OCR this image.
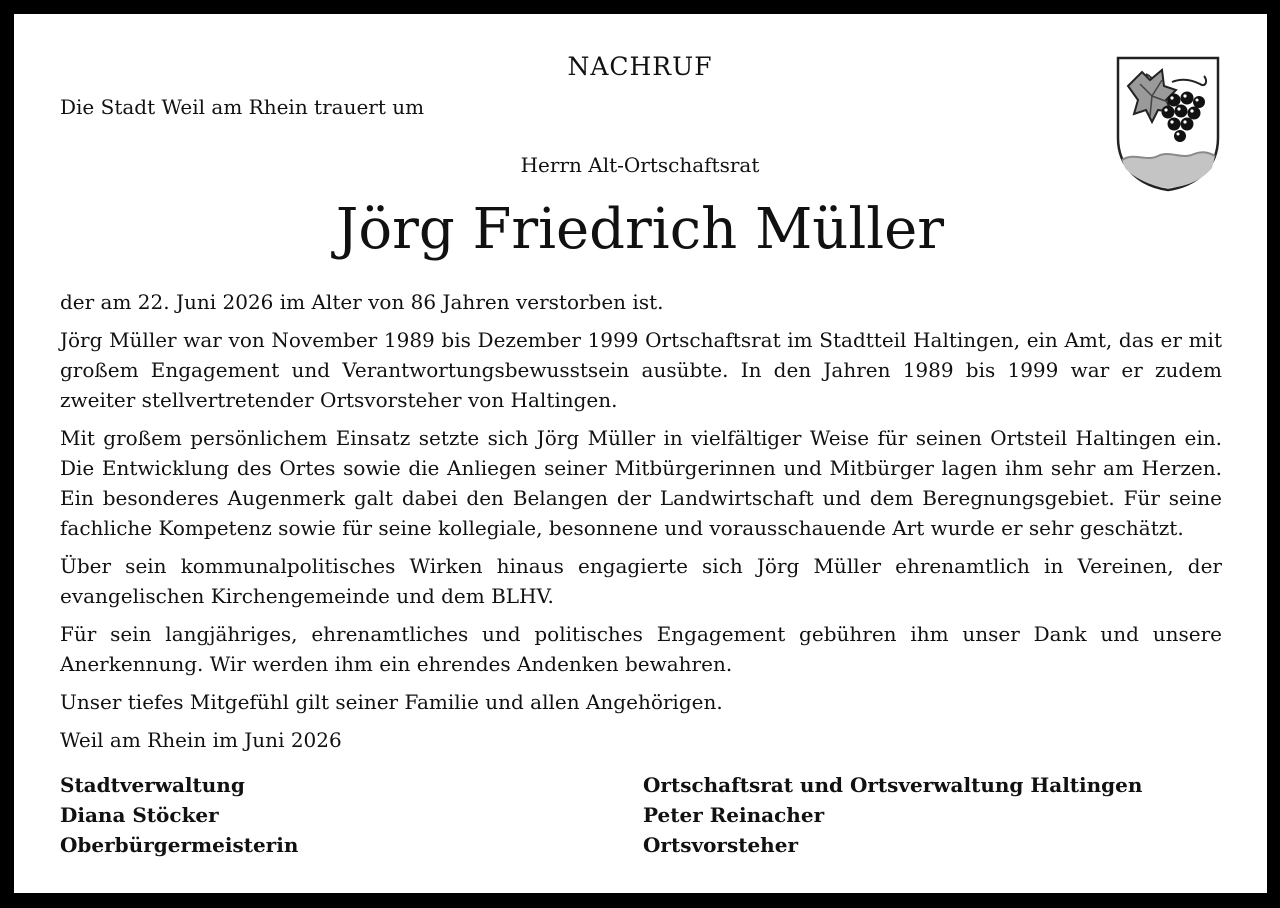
NACHRUF
Die Stadt Weil am Rhein trauert um
Herrn Alt-Ortschaftsrat
Jörg Friedrich Müller

der am 22. Juni 2026 im Alter von 86 Jahren verstorben ist.

Jörg Müller war von November 1989 bis Dezember 1999 Ortschaftsrat im Stadtteil Haltingen, ein Amt, das er mit großem Engagement und Verantwortungsbewusstsein ausübte. In den Jahren 1989 bis 1999 war er zudem zweiter stellvertretender Ortsvorsteher von Haltingen.

Mit großem persönlichem Einsatz setzte sich Jörg Müller in vielfältiger Weise für seinen Ortsteil Haltingen ein. Die Entwicklung des Ortes sowie die Anliegen seiner Mitbürgerinnen und Mitbürger lagen ihm sehr am Herzen. Ein besonderes Augenmerk galt dabei den Belangen der Landwirtschaft und dem Beregnungsgebiet. Für seine fachliche Kompetenz sowie für seine kollegiale, besonnene und vorausschauende Art wurde er sehr geschätzt.

Über sein kommunalpolitisches Wirken hinaus engagierte sich Jörg Müller ehrenamtlich in Vereinen, der evangelischen Kirchengemeinde und dem BLHV.

Für sein langjähriges, ehrenamtliches und politisches Engagement gebühren ihm unser Dank und unsere Anerkennung. Wir werden ihm ein ehrendes Andenken bewahren.

Unser tiefes Mitgefühl gilt seiner Familie und allen Angehörigen.

Weil am Rhein im Juni 2026

Stadtverwaltung
Diana Stöcker
Oberbürgermeisterin
Ortschaftsrat und Ortsverwaltung Haltingen
Peter Reinacher
Ortsvorsteher
